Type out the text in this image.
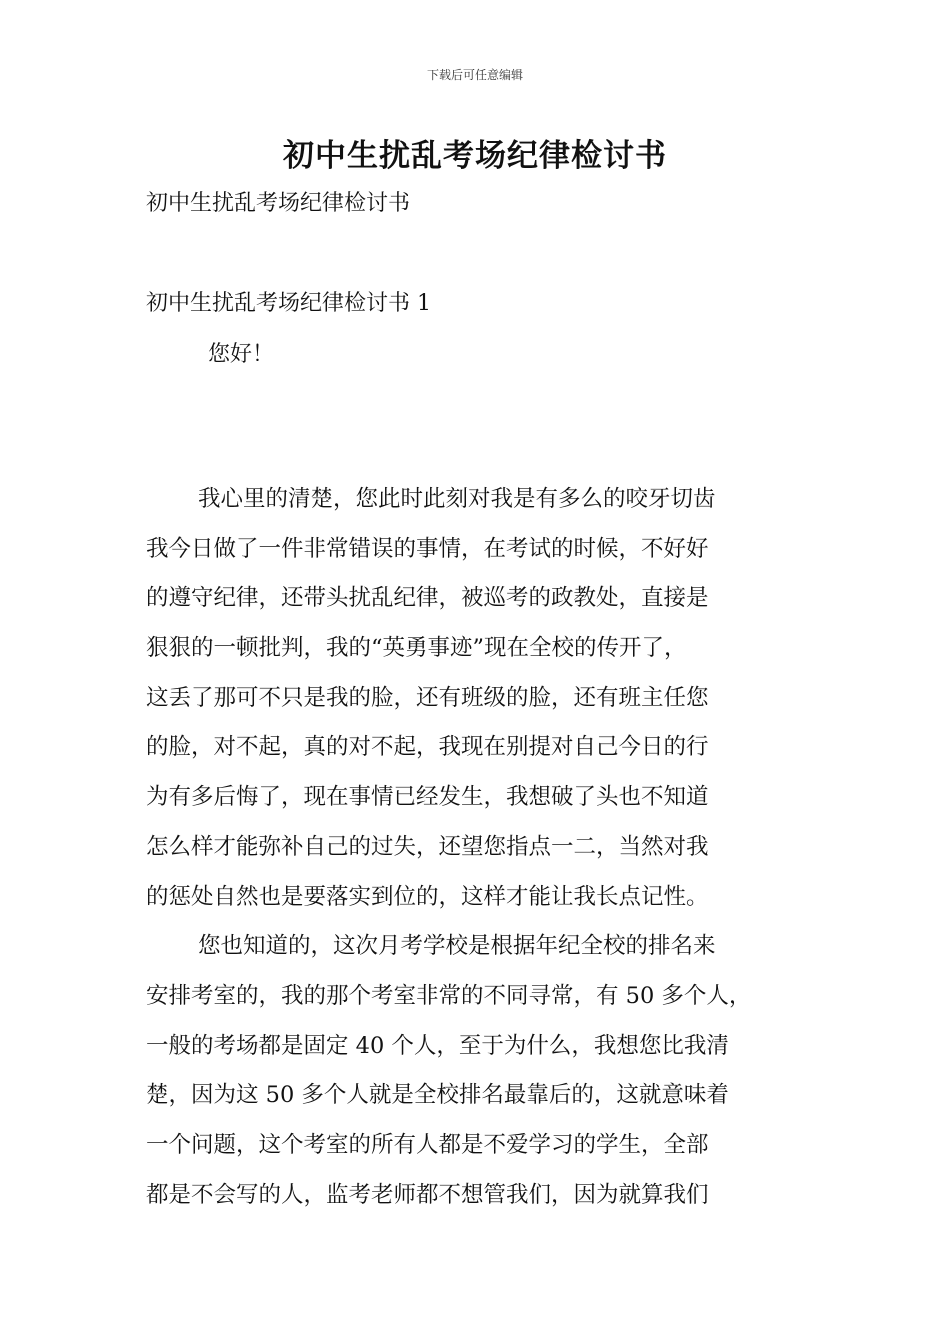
下载后可任意编辑
初中生扰乱考场纪律检讨书
初中生扰乱考场纪律检讨书
初中生扰乱考场纪律检讨书 1
您好！
我心里的清楚，您此时此刻对我是有多么的咬牙切齿
我今日做了一件非常错误的事情，在考试的时候，不好好
的遵守纪律，还带头扰乱纪律，被巡考的政教处，直接是
狠狠的一顿批判，我的“英勇事迹”现在全校的传开了，
这丢了那可不只是我的脸，还有班级的脸，还有班主任您
的脸，对不起，真的对不起，我现在别提对自己今日的行
为有多后悔了，现在事情已经发生，我想破了头也不知道
怎么样才能弥补自己的过失，还望您指点一二，当然对我
的惩处自然也是要落实到位的，这样才能让我长点记性。
您也知道的，这次月考学校是根据年纪全校的排名来
安排考室的，我的那个考室非常的不同寻常，有 50 多个人，
一般的考场都是固定 40 个人，至于为什么，我想您比我清
楚，因为这 50 多个人就是全校排名最靠后的，这就意味着
一个问题，这个考室的所有人都是不爱学习的学生，全部
都是不会写的人，监考老师都不想管我们，因为就算我们
